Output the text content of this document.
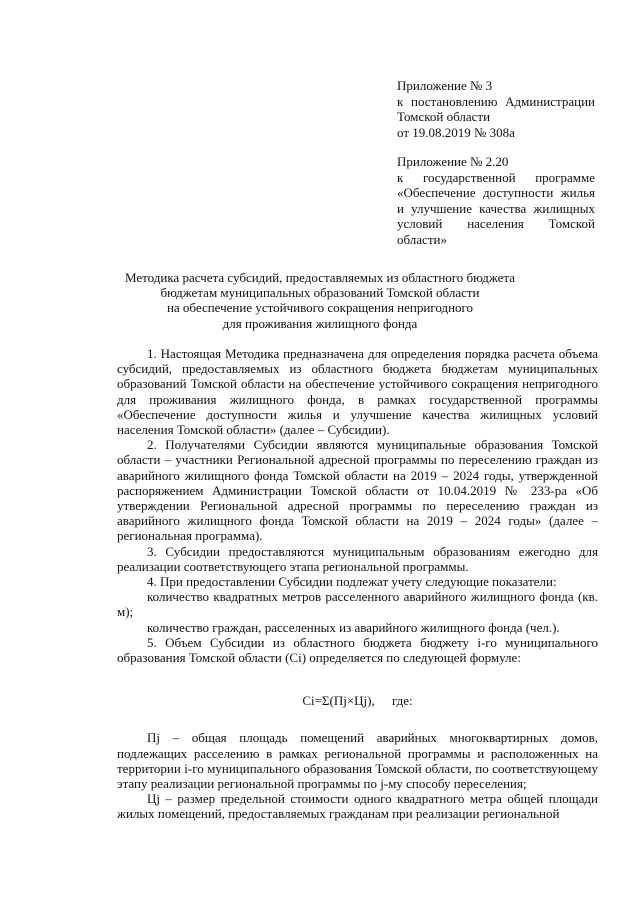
Приложение № 3

к постановлению Администрации

Томской области

от 19.08.2019 № 308а

Приложение № 2.20

к государственной программе

«Обеспечение доступности жилья

и улучшение качества жилищных

условий населения Томской

области»

Методика расчета субсидий, предоставляемых из областного бюджета
бюджетам муниципальных образований Томской области
на обеспечение устойчивого сокращения непригодного
для проживания жилищного фонда

1. Настоящая Методика предназначена для определения порядка расчета объема субсидий, предоставляемых из областного бюджета бюджетам муниципальных образований Томской области на обеспечение устойчивого сокращения непригодного для проживания жилищного фонда, в рамках государственной программы «Обеспечение доступности жилья и улучшение качества жилищных условий населения Томской области» (далее – Субсидии).

2. Получателями Субсидии являются муниципальные образования Томской области – участники Региональной адресной программы по переселению граждан из аварийного жилищного фонда Томской области на 2019 – 2024 годы, утвержденной распоряжением Администрации Томской области от 10.04.2019 № 233-ра «Об утверждении Региональной адресной программы по переселению граждан из аварийного жилищного фонда Томской области на 2019 – 2024 годы» (далее – региональная программа).

3. Субсидии предоставляются муниципальным образованиям ежегодно для реализации соответствующего этапа региональной программы.

4. При предоставлении Субсидии подлежат учету следующие показатели:

количество квадратных метров расселенного аварийного жилищного фонда (кв. м);

количество граждан, расселенных из аварийного жилищного фонда (чел.).

5. Объем Субсидии из областного бюджета бюджету i-го муниципального образования Томской области (Ci) определяется по следующей формуле:

Ci=Σ(Пj×Цj), где:

Пj – общая площадь помещений аварийных многоквартирных домов, подлежащих расселению в рамках региональной программы и расположенных на территории i-го муниципального образования Томской области, по соответствующему этапу реализации региональной программы по j-му способу переселения;

Цj – размер предельной стоимости одного квадратного метра общей площади жилых помещений, предоставляемых гражданам при реализации региональной
